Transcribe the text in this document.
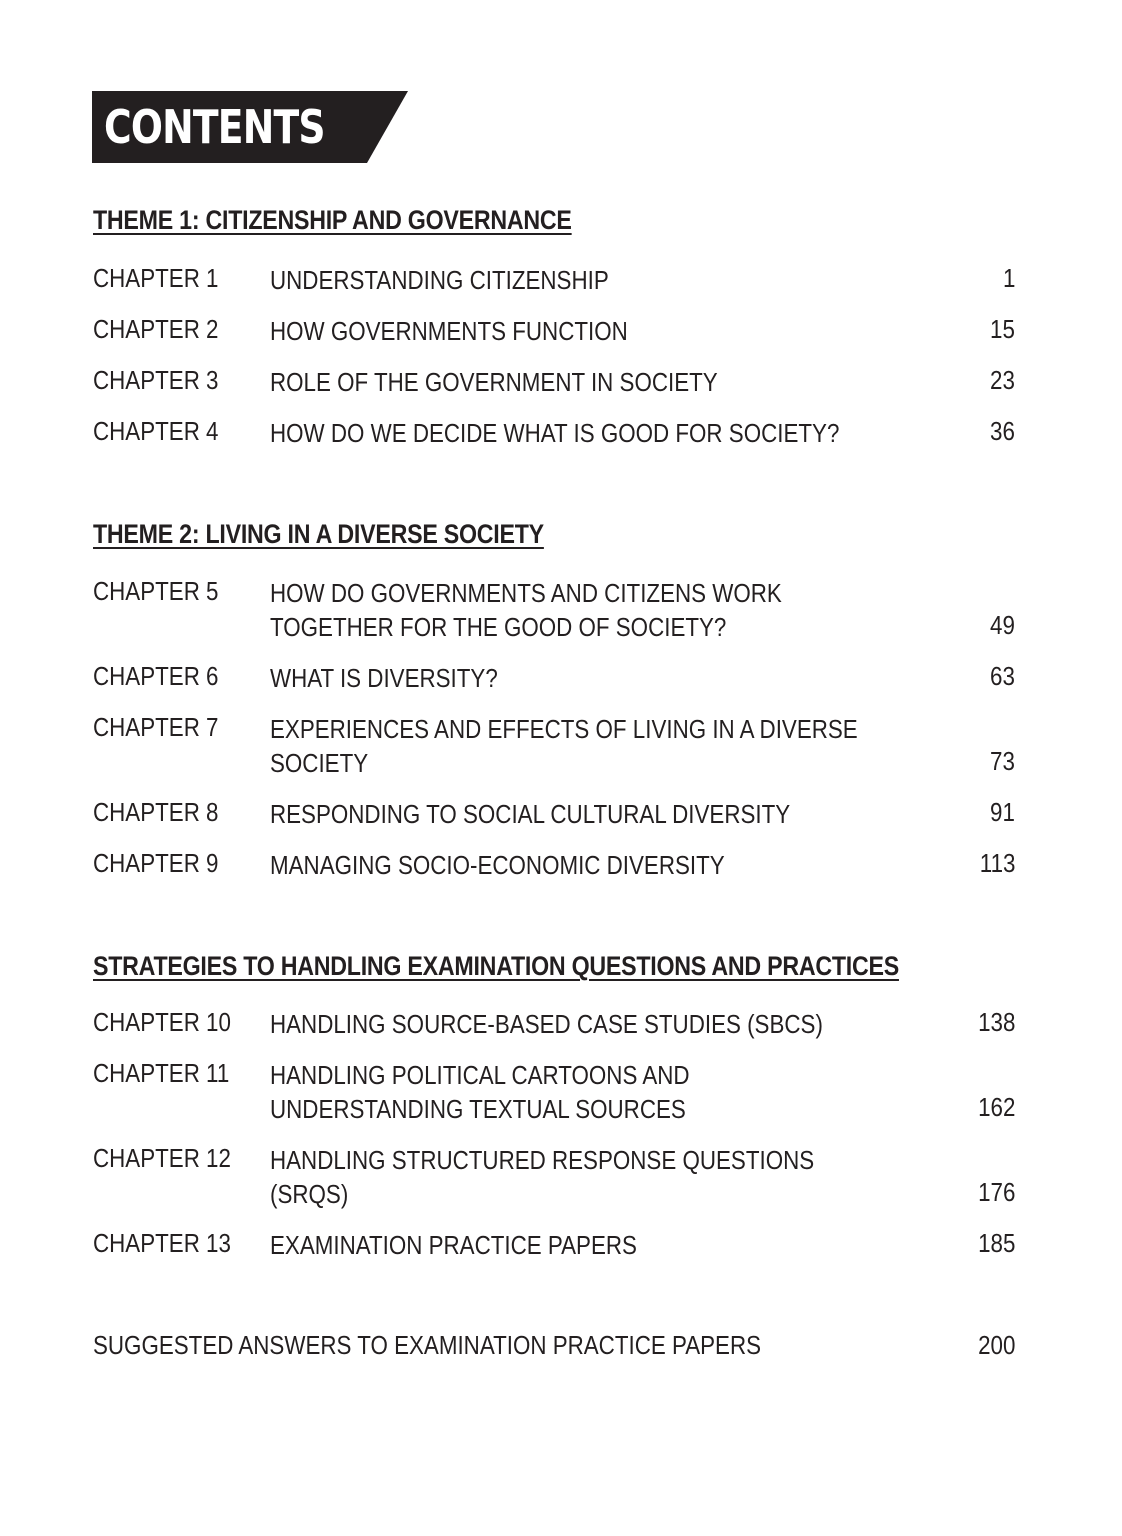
CONTENTS
THEME 1: CITIZENSHIP AND GOVERNANCE
CHAPTER 1 UNDERSTANDING CITIZENSHIP	1
CHAPTER 2 HOW GOVERNMENTS FUNCTION	15
CHAPTER 3 ROLE OF THE GOVERNMENT IN SOCIETY	23
CHAPTER 4 HOW DO WE DECIDE WHAT IS GOOD FOR SOCIETY?	36
THEME 2: LIVING IN A DIVERSE SOCIETY
CHAPTER 5 HOW DO GOVERNMENTS AND CITIZENS WORK
TOGETHER FOR THE GOOD OF SOCIETY?	49
CHAPTER 6 WHAT IS DIVERSITY?	63
CHAPTER 7 EXPERIENCES AND EFFECTS OF LIVING IN A DIVERSE
SOCIETY	73
CHAPTER 8 RESPONDING TO SOCIAL CULTURAL DIVERSITY	91
CHAPTER 9 MANAGING SOCIO-ECONOMIC DIVERSITY	113
STRATEGIES TO HANDLING EXAMINATION QUESTIONS AND PRACTICES
CHAPTER 10 HANDLING SOURCE-BASED CASE STUDIES (SBCS)	138
CHAPTER 11 HANDLING POLITICAL CARTOONS AND
UNDERSTANDING TEXTUAL SOURCES	162
CHAPTER 12 HANDLING STRUCTURED RESPONSE QUESTIONS
(SRQS)	176
CHAPTER 13 EXAMINATION PRACTICE PAPERS	185
SUGGESTED ANSWERS TO EXAMINATION PRACTICE PAPERS	200
